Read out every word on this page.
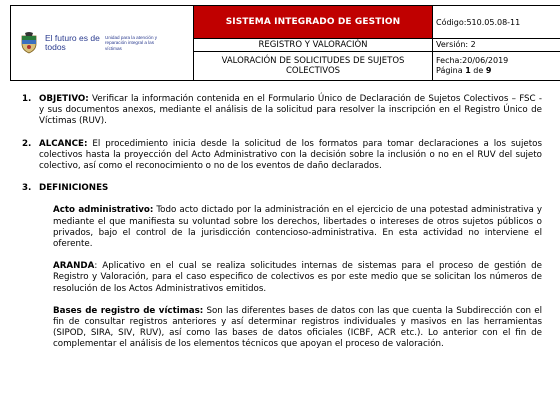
El futuro es de todos
Unidad para la atención y reparación integral a las víctimas	SISTEMA INTEGRADO DE GESTION	Código:510.05.08-11
	REGISTRO Y VALORACIÓN	Versión: 2
	VALORACIÓN DE SOLICITUDES DE SUJETOS COLECTIVOS	Fecha:20/06/2019
Página 1 de 9
1. OBJETIVO: Verificar la información contenida en el Formulario Único de Declaración de Sujetos Colectivos – FSC - y sus documentos anexos, mediante el análisis de la solicitud para resolver la inscripción en el Registro Único de Víctimas (RUV).

2. ALCANCE: El procedimiento inicia desde la solicitud de los formatos para tomar declaraciones a los sujetos colectivos hasta la proyección del Acto Administrativo con la decisión sobre la inclusión o no en el RUV del sujeto colectivo, así como el reconocimiento o no de los eventos de daño declarados.

3. DEFINICIONES

Acto administrativo: Todo acto dictado por la administración en el ejercicio de una potestad administrativa y mediante el que manifiesta su voluntad sobre los derechos, libertades o intereses de otros sujetos públicos o privados, bajo el control de la jurisdicción contencioso-administrativa. En esta actividad no interviene el oferente.

ARANDA: Aplicativo en el cual se realiza solicitudes internas de sistemas para el proceso de gestión de Registro y Valoración, para el caso especifico de colectivos es por este medio que se solicitan los números de resolución de los Actos Administrativos emitidos.

Bases de registro de víctimas: Son las diferentes bases de datos con las que cuenta la Subdirección con el fin de consultar registros anteriores y así determinar registros individuales y masivos en las herramientas (SIPOD, SIRA, SIV, RUV), así como las bases de datos oficiales (ICBF, ACR etc.). Lo anterior con el fin de complementar el análisis de los elementos técnicos que apoyan el proceso de valoración.
